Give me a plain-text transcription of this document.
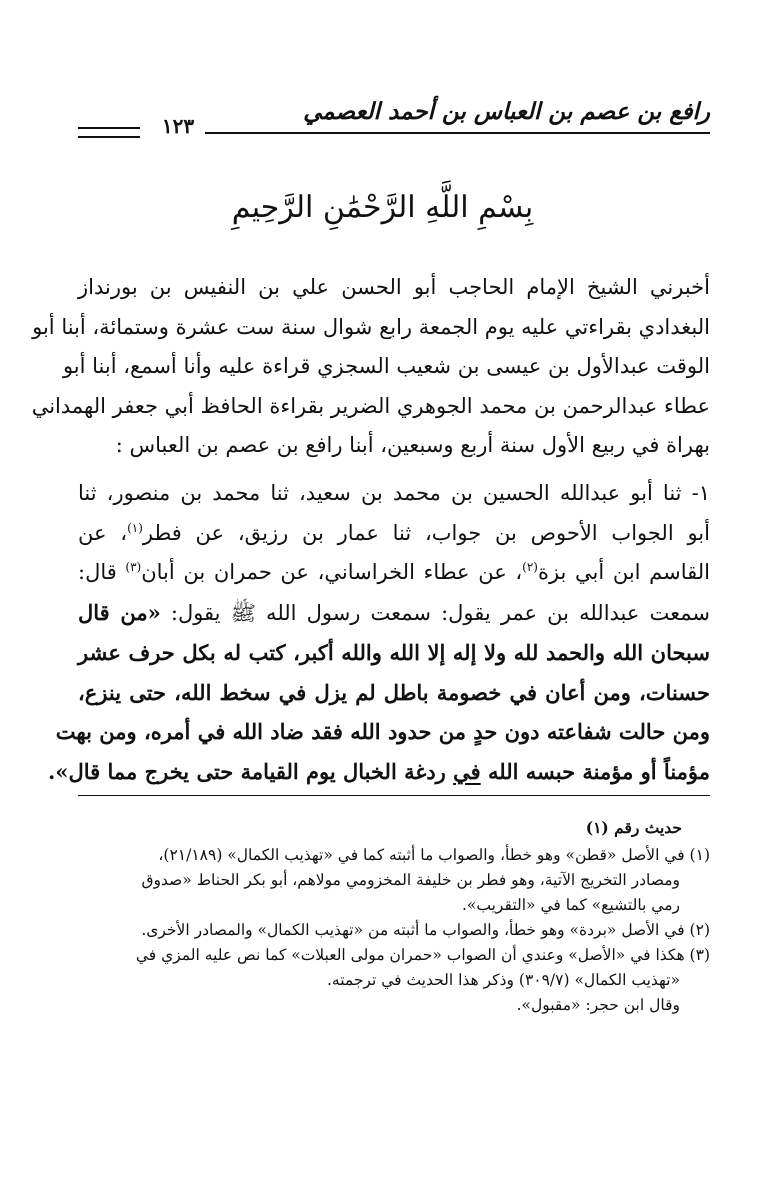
رافع بن عصم بن العباس بن أحمد العصمي
١٢٣
بِسْمِ اللَّهِ الرَّحْمَٰنِ الرَّحِيمِ
أخبرني الشيخ الإمام الحاجب أبو الحسن علي بن النفيس بن بورنداز
البغدادي بقراءتي عليه يوم الجمعة رابع شوال سنة ست عشرة وستمائة، أبنا أبو
الوقت عبدالأول بن عيسى بن شعيب السجزي قراءة عليه وأنا أسمع، أبنا أبو
عطاء عبدالرحمن بن محمد الجوهري الضرير بقراءة الحافظ أبي جعفر الهمداني
بهراة في ربيع الأول سنة أربع وسبعين، أبنا رافع بن عصم بن العباس :
١- ثنا أبو عبدالله الحسين بن محمد بن سعيد، ثنا محمد بن منصور، ثنا
أبو الجواب الأحوص بن جواب، ثنا عمار بن رزيق، عن فطر$^{(١)}$، عن
القاسم ابن أبي بزة$^{(٢)}$، عن عطاء الخراساني، عن حمران بن أبان$^{(٣)}$ قال:
سمعت عبدالله بن عمر يقول: سمعت رسول الله ﷺ يقول: «من قال
سبحان الله والحمد لله ولا إله إلا الله والله أكبر، كتب له بكل حرف عشر
حسنات، ومن أعان في خصومة باطل لم يزل في سخط الله، حتى ينزع،
ومن حالت شفاعته دون حدٍ من حدود الله فقد ضاد الله في أمره، ومن بهت
مؤمناً أو مؤمنة حبسه الله في ردغة الخبال يوم القيامة حتى يخرج مما قال».
حديث رقم (١)
(١) في الأصل «قطن» وهو خطأ، والصواب ما أثبته كما في «تهذيب الكمال» (٢١/١٨٩)،
ومصادر التخريج الآتية، وهو فطر بن خليفة المخزومي مولاهم، أبو بكر الحناط «صدوق
رمي بالتشيع» كما في «التقريب».
(٢) في الأصل «بردة» وهو خطأ، والصواب ما أثبته من «تهذيب الكمال» والمصادر الأخرى.
(٣) هكذا في «الأصل» وعندي أن الصواب «حمران مولى العبلات» كما نص عليه المزي في
«تهذيب الكمال» (٣٠٩/٧) وذكر هذا الحديث في ترجمته.
وقال ابن حجر: «مقبول».
